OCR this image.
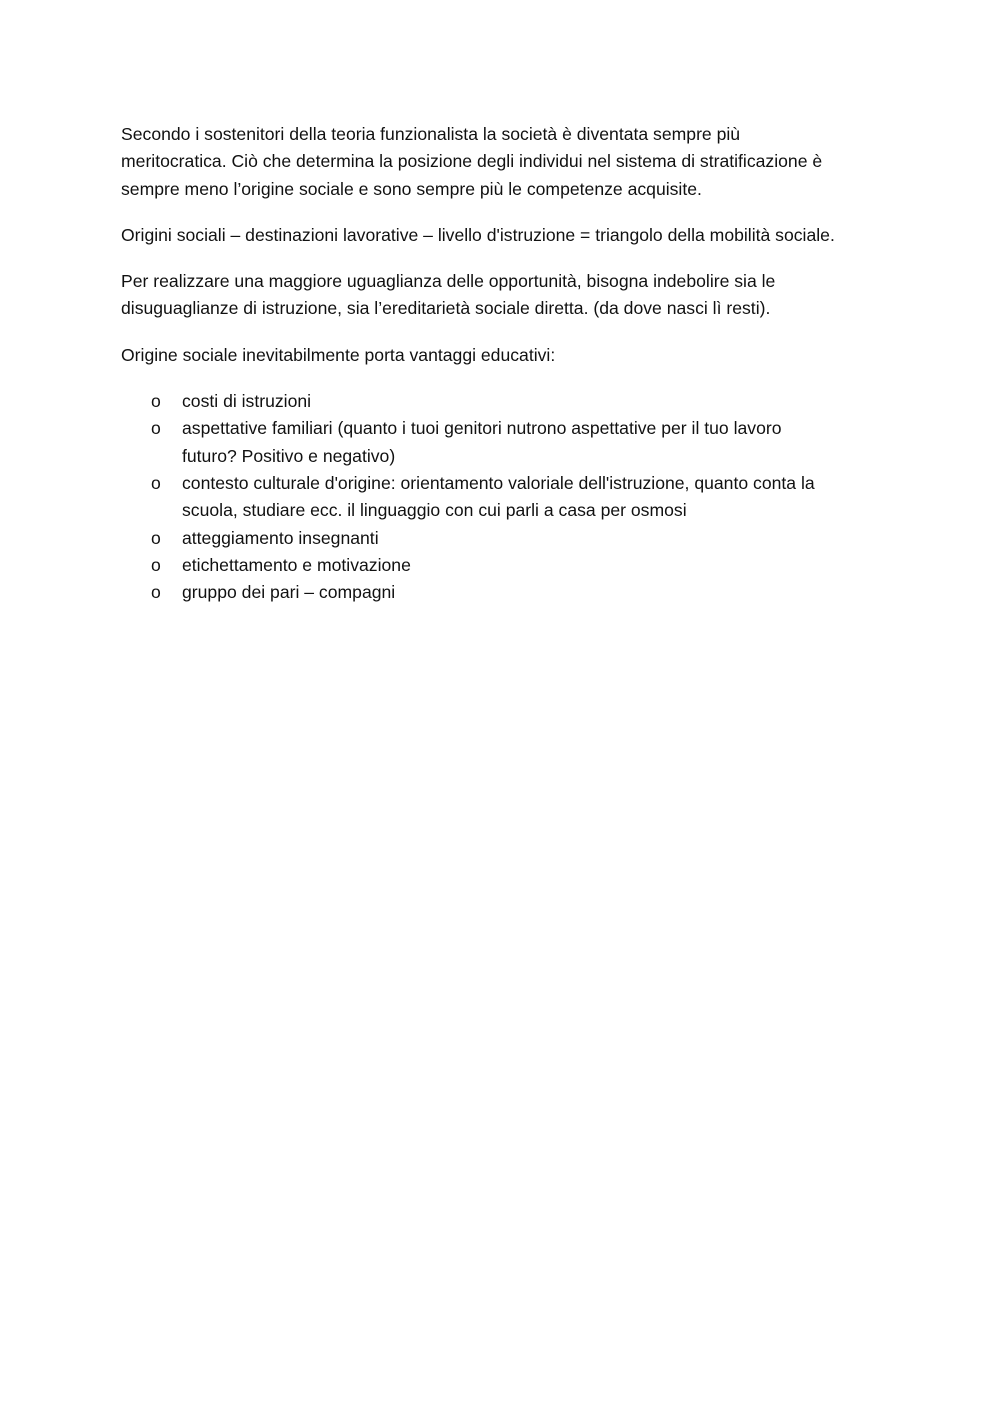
Secondo i sostenitori della teoria funzionalista la società è diventata sempre più
meritocratica. Ciò che determina la posizione degli individui nel sistema di stratificazione è
sempre meno l’origine sociale e sono sempre più le competenze acquisite.

Origini sociali – destinazioni lavorative – livello d'istruzione = triangolo della mobilità sociale.

Per realizzare una maggiore uguaglianza delle opportunità, bisogna indebolire sia le
disuguaglianze di istruzione, sia l’ereditarietà sociale diretta. (da dove nasci lì resti).

Origine sociale inevitabilmente porta vantaggi educativi:

o costi di istruzioni
o aspettative familiari (quanto i tuoi genitori nutrono aspettative per il tuo lavoro
futuro? Positivo e negativo)
o contesto culturale d'origine: orientamento valoriale dell'istruzione, quanto conta la
scuola, studiare ecc. il linguaggio con cui parli a casa per osmosi
o atteggiamento insegnanti
o etichettamento e motivazione
o gruppo dei pari – compagni
